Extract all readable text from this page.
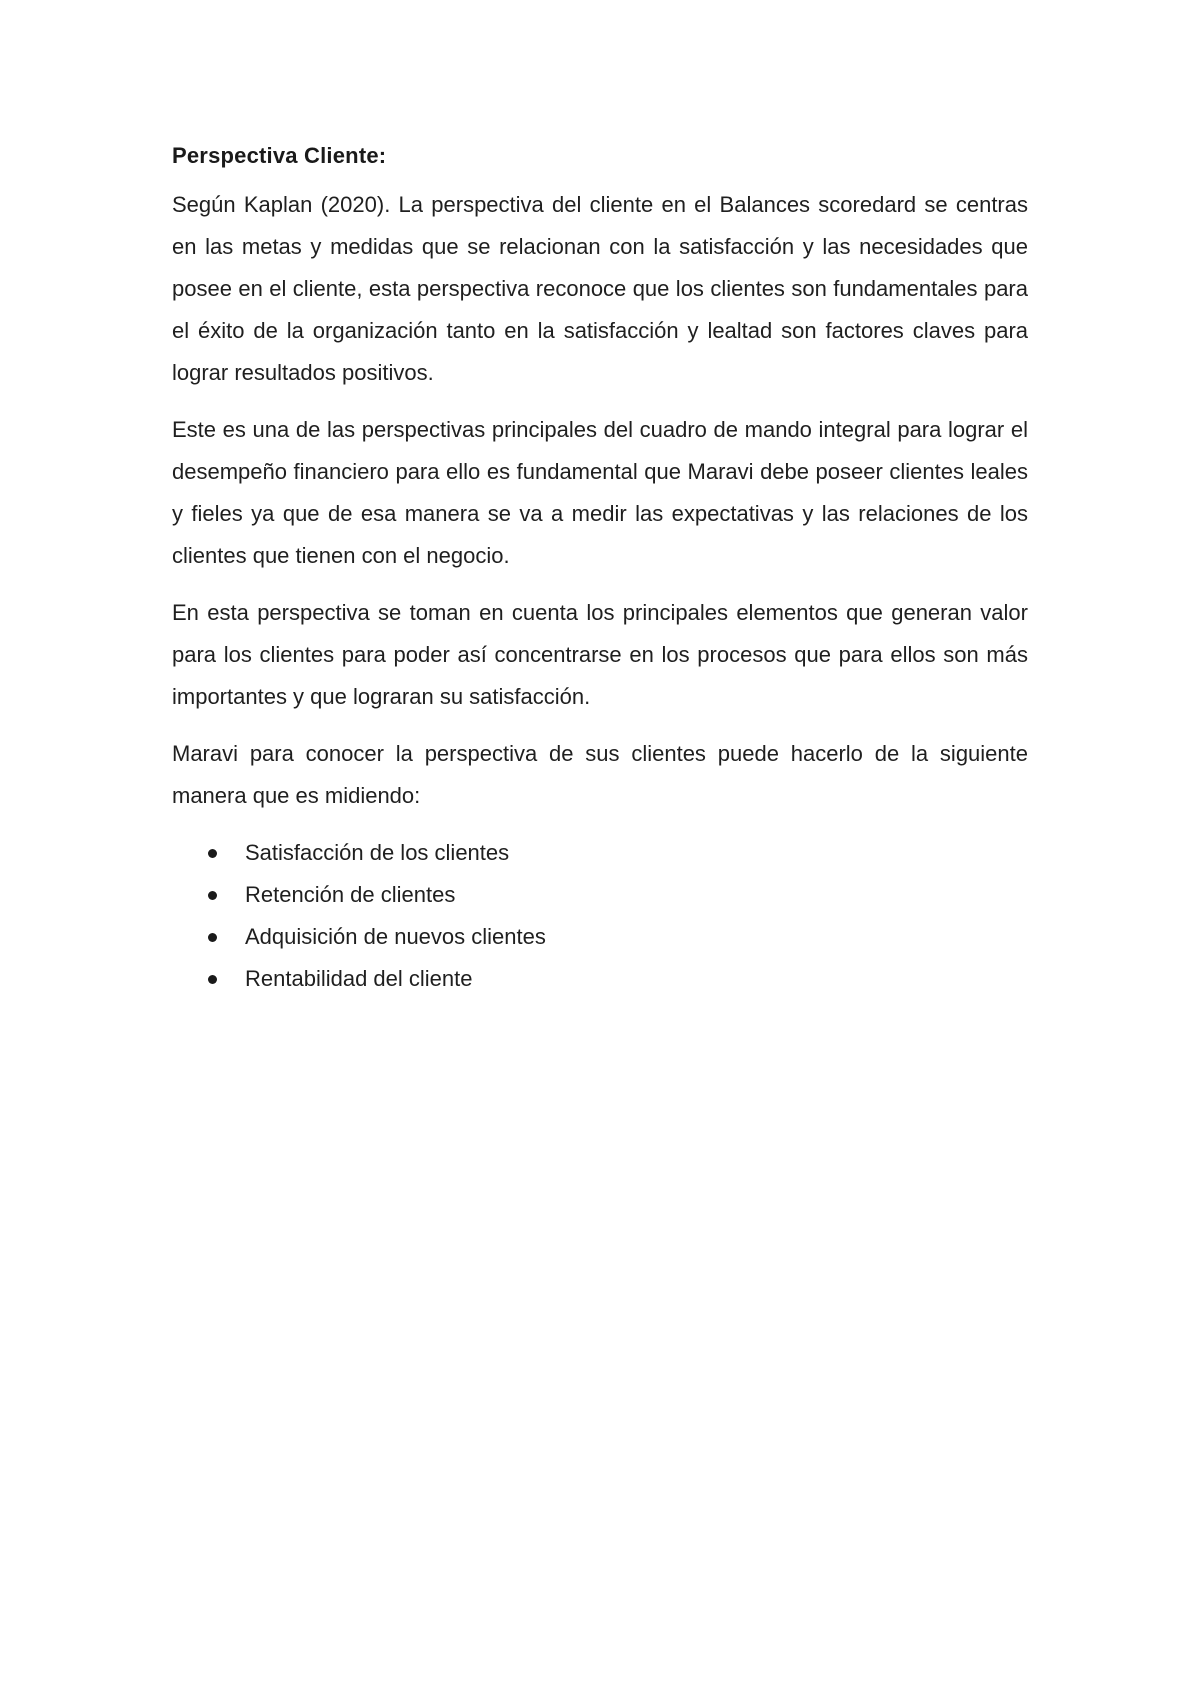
Perspectiva Cliente:

Según Kaplan (2020). La perspectiva del cliente en el Balances scoredard se centras en las metas y medidas que se relacionan con la satisfacción y las necesidades que posee en el cliente, esta perspectiva reconoce que los clientes son fundamentales para el éxito de la organización tanto en la satisfacción y lealtad son factores claves para lograr resultados positivos.

Este es una de las perspectivas principales del cuadro de mando integral para lograr el desempeño financiero para ello es fundamental que Maravi debe poseer clientes leales y fieles ya que de esa manera se va a medir las expectativas y las relaciones de los clientes que tienen con el negocio.

En esta perspectiva se toman en cuenta los principales elementos que generan valor para los clientes para poder así concentrarse en los procesos que para ellos son más importantes y que lograran su satisfacción.

Maravi para conocer la perspectiva de sus clientes puede hacerlo de la siguiente manera que es midiendo:

Satisfacción de los clientes
Retención de clientes
Adquisición de nuevos clientes
Rentabilidad del cliente
